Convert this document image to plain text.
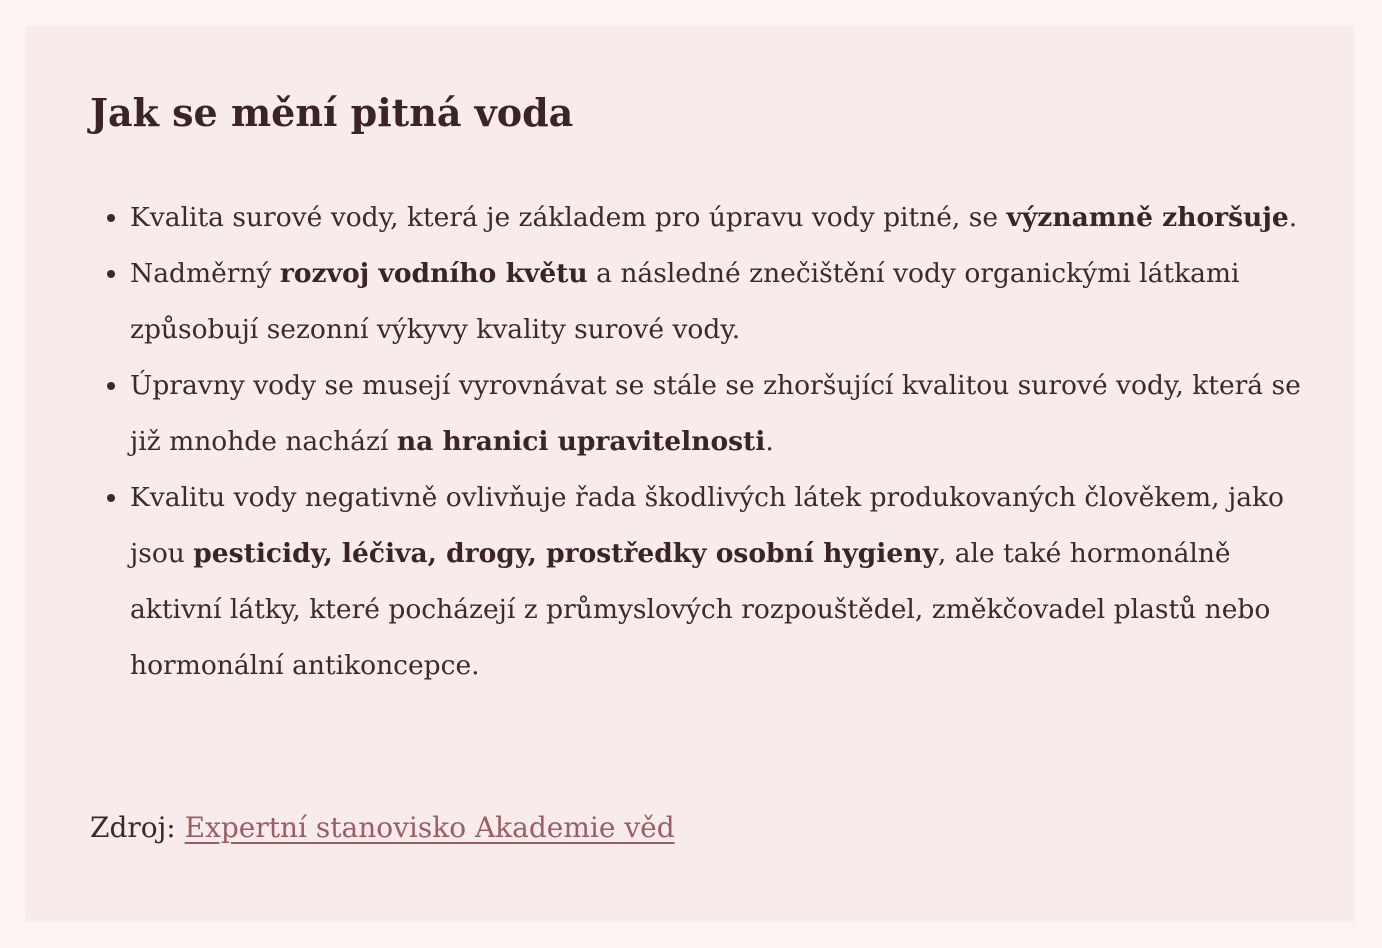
Jak se mění pitná voda
• Kvalita surové vody, která je základem pro úpravu vody pitné, se významně zhoršuje.
• Nadměrný rozvoj vodního květu a následné znečištění vody organickými látkami způsobují sezonní výkyvy kvality surové vody.
• Úpravny vody se musejí vyrovnávat se stále se zhoršující kvalitou surové vody, která se již mnohde nachází na hranici upravitelnosti.
• Kvalitu vody negativně ovlivňuje řada škodlivých látek produkovaných člověkem, jako jsou pesticidy, léčiva, drogy, prostředky osobní hygieny, ale také hormonálně aktivní látky, které pocházejí z průmyslových rozpouštědel, změkčovadel plastů nebo hormonální antikoncepce.
Zdroj: Expertní stanovisko Akademie věd
